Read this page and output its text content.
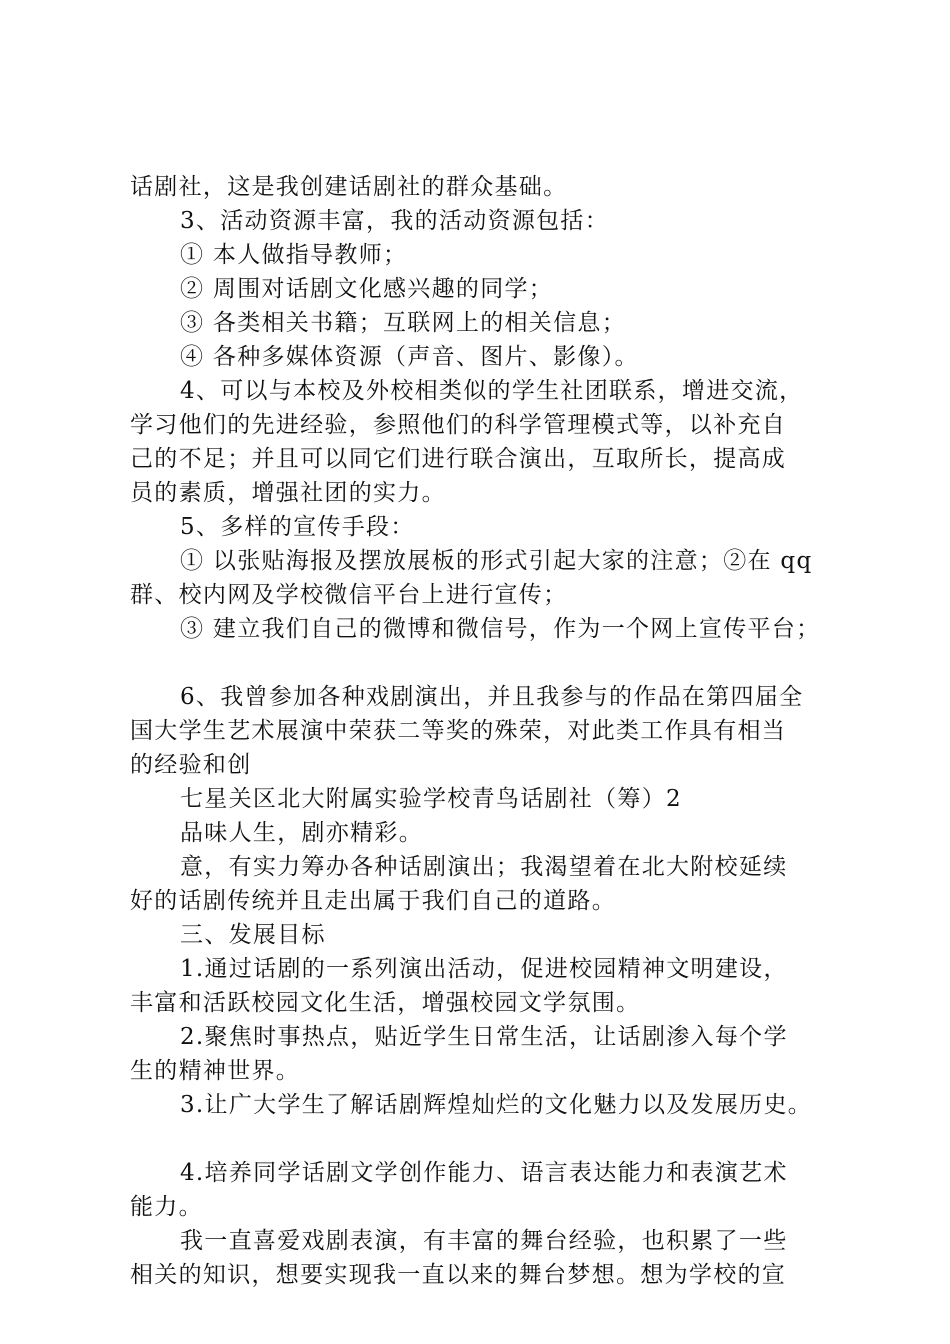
话剧社，这是我创建话剧社的群众基础。
3、活动资源丰富，我的活动资源包括：
① 本人做指导教师；
② 周围对话剧文化感兴趣的同学；
③ 各类相关书籍；互联网上的相关信息；
④ 各种多媒体资源（声音、图片、影像）。
4、可以与本校及外校相类似的学生社团联系，增进交流，
学习他们的先进经验，参照他们的科学管理模式等，以补充自
己的不足；并且可以同它们进行联合演出，互取所长，提高成
员的素质，增强社团的实力。
5、多样的宣传手段：
① 以张贴海报及摆放展板的形式引起大家的注意；②在 qq
群、校内网及学校微信平台上进行宣传；
③ 建立我们自己的微博和微信号，作为一个网上宣传平台；
6、我曾参加各种戏剧演出，并且我参与的作品在第四届全
国大学生艺术展演中荣获二等奖的殊荣，对此类工作具有相当
的经验和创
七星关区北大附属实验学校青鸟话剧社（筹）2
品味人生，剧亦精彩。
意，有实力筹办各种话剧演出；我渴望着在北大附校延续
好的话剧传统并且走出属于我们自己的道路。
三、发展目标
1.通过话剧的一系列演出活动，促进校园精神文明建设，
丰富和活跃校园文化生活，增强校园文学氛围。
2.聚焦时事热点，贴近学生日常生活，让话剧渗入每个学
生的精神世界。
3.让广大学生了解话剧辉煌灿烂的文化魅力以及发展历史。
4.培养同学话剧文学创作能力、语言表达能力和表演艺术
能力。
我一直喜爱戏剧表演，有丰富的舞台经验，也积累了一些
相关的知识，想要实现我一直以来的舞台梦想。想为学校的宣
